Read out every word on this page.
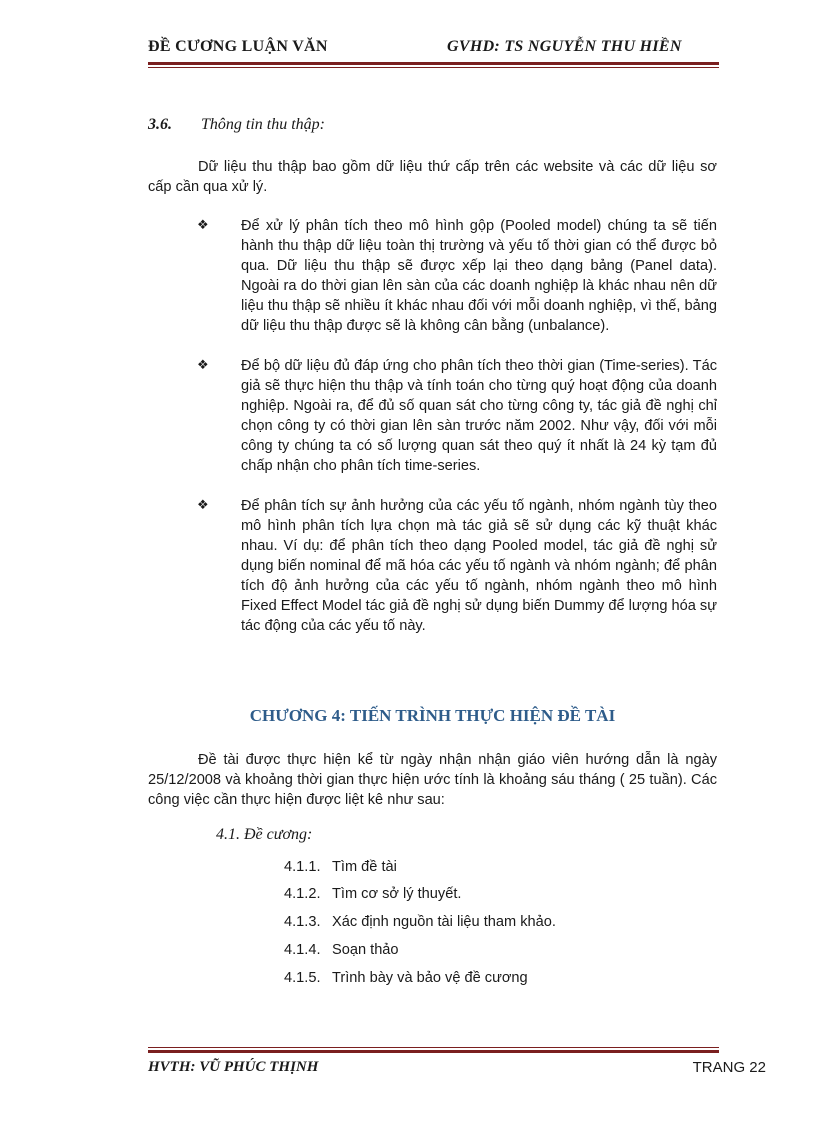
ĐỀ CƯƠNG LUẬN VĂN	GVHD: TS NGUYỄN THU HIỀN
3.6. Thông tin thu thập:

Dữ liệu thu thập bao gồm dữ liệu thứ cấp trên các website và các dữ liệu sơ cấp cần qua xử lý.

❖ Để xử lý phân tích theo mô hình gộp (Pooled model) chúng ta sẽ tiến hành thu thập dữ liệu toàn thị trường và yếu tố thời gian có thể được bỏ qua. Dữ liệu thu thập sẽ được xếp lại theo dạng bảng (Panel data). Ngoài ra do thời gian lên sàn của các doanh nghiệp là khác nhau nên dữ liệu thu thập sẽ nhiều ít khác nhau đối với mỗi doanh nghiệp, vì thế, bảng dữ liệu thu thập được sẽ là không cân bằng (unbalance).

❖ Để bộ dữ liệu đủ đáp ứng cho phân tích theo thời gian (Time-series). Tác giả sẽ thực hiện thu thập và tính toán cho từng quý hoạt động của doanh nghiệp. Ngoài ra, để đủ số quan sát cho từng công ty, tác giả đề nghị chỉ chọn công ty có thời gian lên sàn trước năm 2002. Như vậy, đối với mỗi công ty chúng ta có số lượng quan sát theo quý ít nhất là 24 kỳ tạm đủ chấp nhận cho phân tích time-series.

❖ Để phân tích sự ảnh hưởng của các yếu tố ngành, nhóm ngành tùy theo mô hình phân tích lựa chọn mà tác giả sẽ sử dụng các kỹ thuật khác nhau. Ví dụ: để phân tích theo dạng Pooled model, tác giả đề nghị sử dụng biến nominal để mã hóa các yếu tố ngành và nhóm ngành; để phân tích độ ảnh hưởng của các yếu tố ngành, nhóm ngành theo mô hình Fixed Effect Model tác giả đề nghị sử dụng biến Dummy để lượng hóa sự tác động của các yếu tố này.

CHƯƠNG 4: TIẾN TRÌNH THỰC HIỆN ĐỀ TÀI

Đề tài được thực hiện kể từ ngày nhận nhận giáo viên hướng dẫn là ngày 25/12/2008 và khoảng thời gian thực hiện ước tính là khoảng sáu tháng ( 25 tuần). Các công việc cần thực hiện được liệt kê như sau:

4.1. Đề cương:
4.1.1. Tìm đề tài
4.1.2. Tìm cơ sở lý thuyết.
4.1.3. Xác định nguồn tài liệu tham khảo.
4.1.4. Soạn thảo
4.1.5. Trình bày và bảo vệ đề cương
HVTH: VŨ PHÚC THỊNH	TRANG 22
